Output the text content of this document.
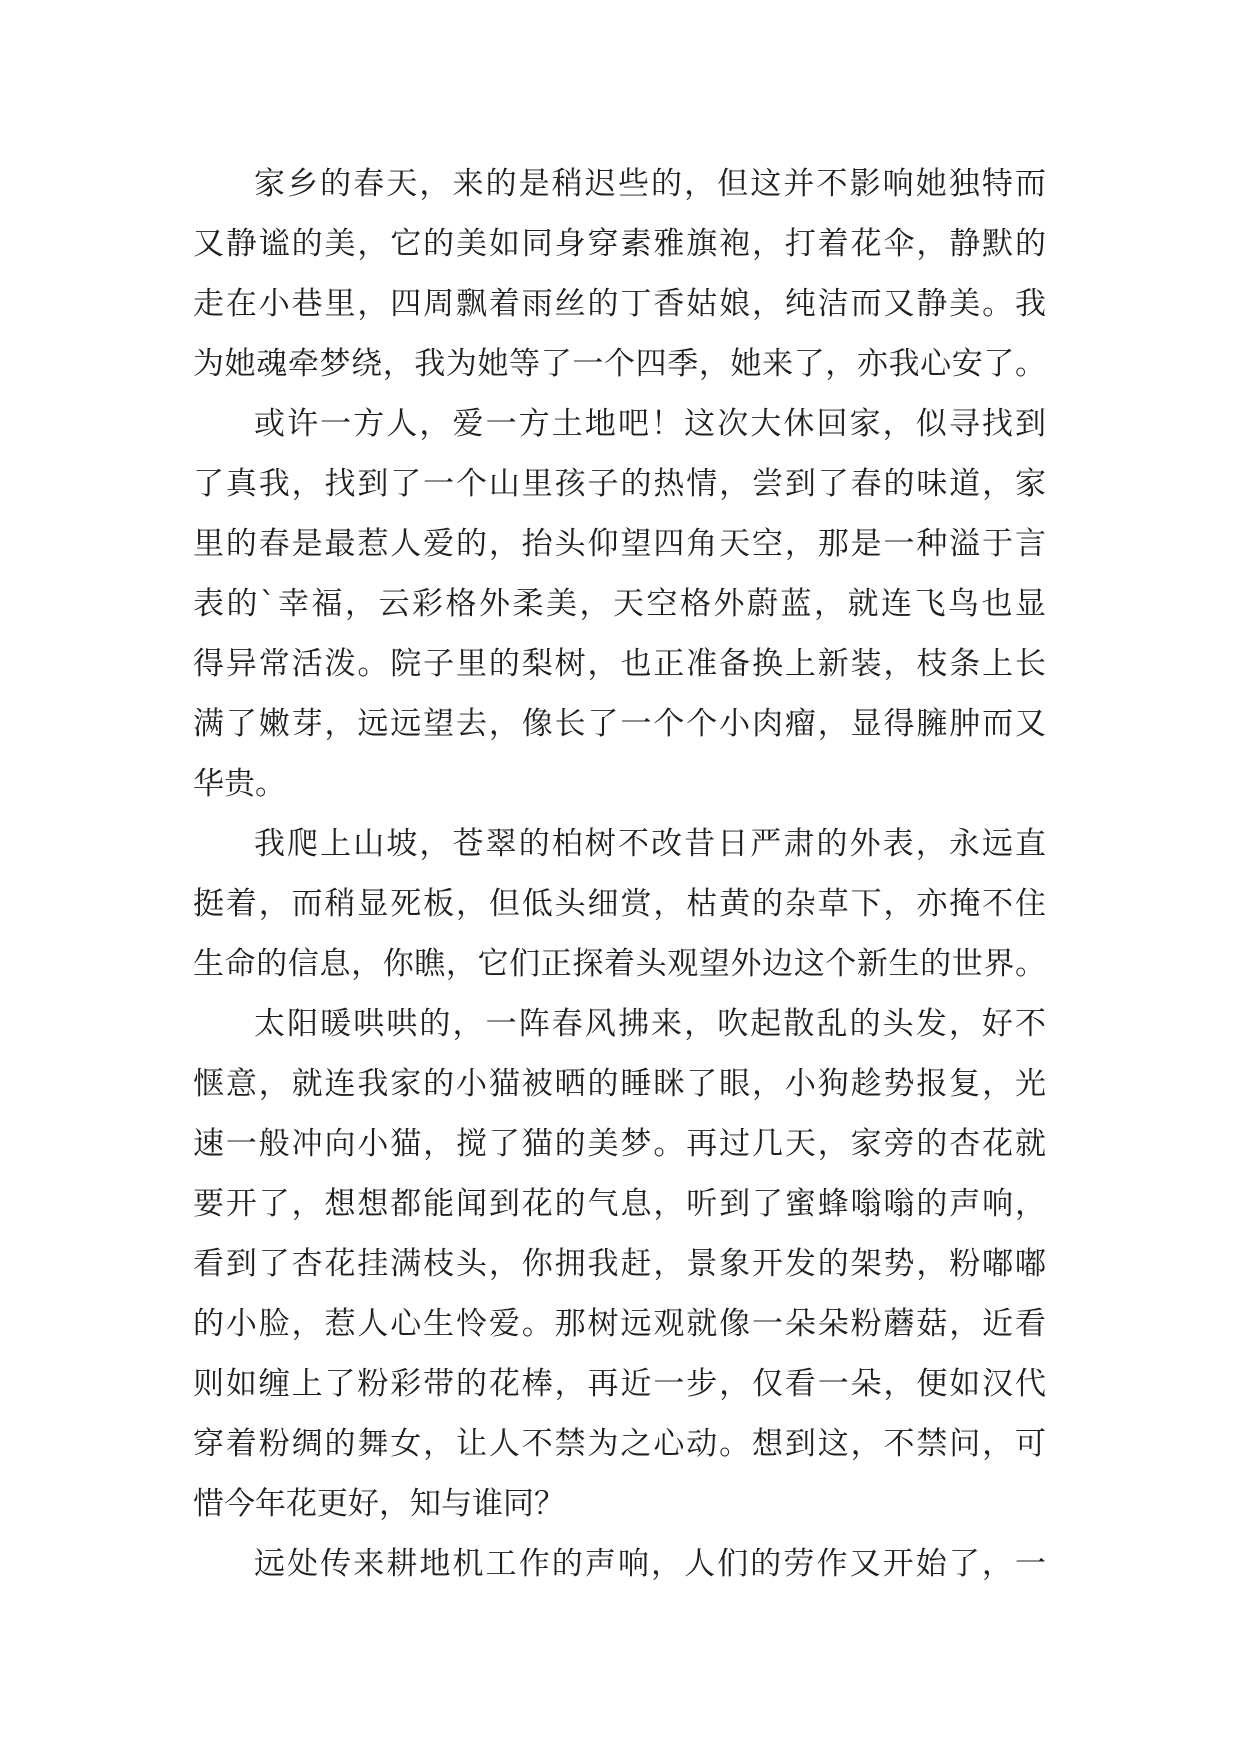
家乡的春天，来的是稍迟些的，但这并不影响她独特而
又静谧的美，它的美如同身穿素雅旗袍，打着花伞，静默的
走在小巷里，四周飘着雨丝的丁香姑娘，纯洁而又静美。我
为她魂牵梦绕，我为她等了一个四季，她来了，亦我心安了。
或许一方人，爱一方土地吧！这次大休回家，似寻找到
了真我，找到了一个山里孩子的热情，尝到了春的味道，家
里的春是最惹人爱的，抬头仰望四角天空，那是一种溢于言
表的`幸福，云彩格外柔美，天空格外蔚蓝，就连飞鸟也显
得异常活泼。院子里的梨树，也正准备换上新装，枝条上长
满了嫩芽，远远望去，像长了一个个小肉瘤，显得臃肿而又
华贵。
我爬上山坡，苍翠的柏树不改昔日严肃的外表，永远直
挺着，而稍显死板，但低头细赏，枯黄的杂草下，亦掩不住
生命的信息，你瞧，它们正探着头观望外边这个新生的世界。
太阳暖哄哄的，一阵春风拂来，吹起散乱的头发，好不
惬意，就连我家的小猫被晒的睡眯了眼，小狗趁势报复，光
速一般冲向小猫，搅了猫的美梦。再过几天，家旁的杏花就
要开了，想想都能闻到花的气息，听到了蜜蜂嗡嗡的声响，
看到了杏花挂满枝头，你拥我赶，景象开发的架势，粉嘟嘟
的小脸，惹人心生怜爱。那树远观就像一朵朵粉蘑菇，近看
则如缠上了粉彩带的花棒，再近一步，仅看一朵，便如汉代
穿着粉绸的舞女，让人不禁为之心动。想到这，不禁问，可
惜今年花更好，知与谁同？
远处传来耕地机工作的声响，人们的劳作又开始了，一
